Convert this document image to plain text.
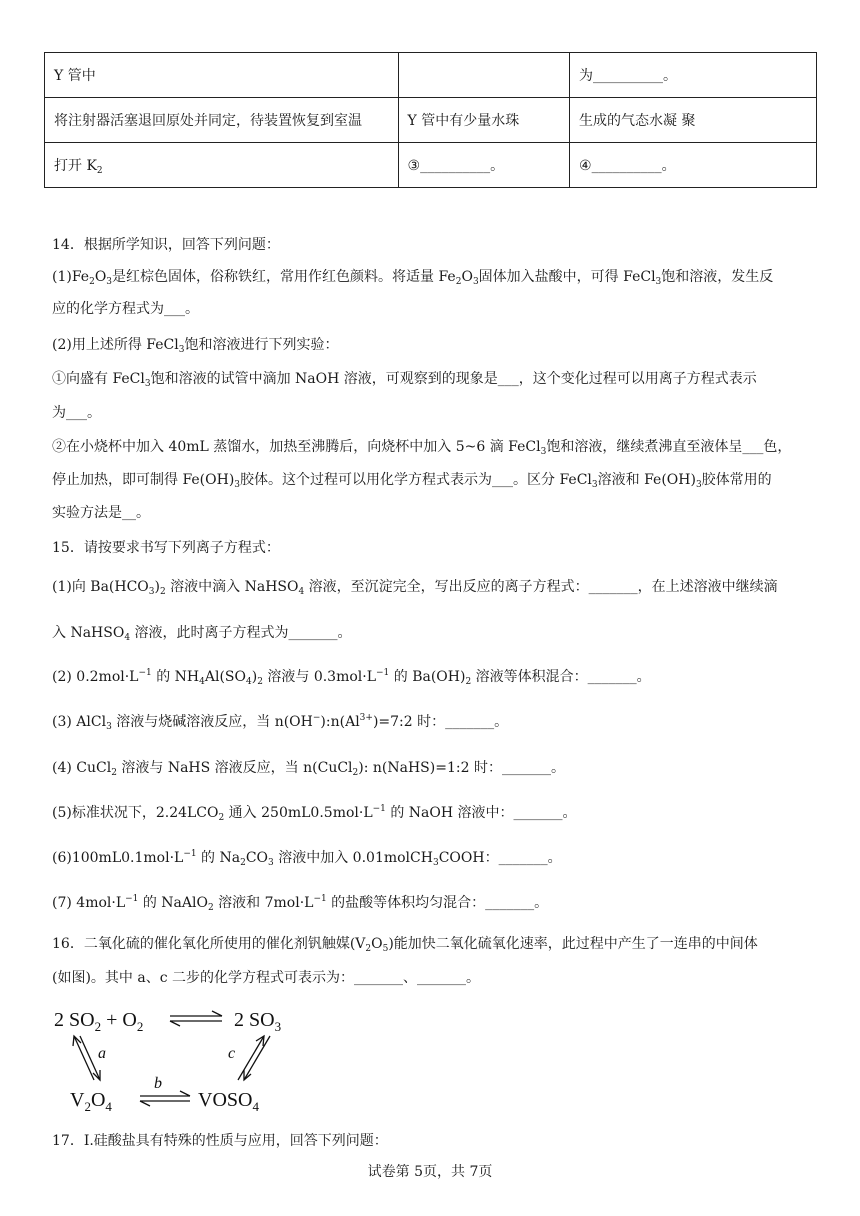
Y 管中		为__________。
将注射器活塞退回原处并同定，待装置恢复到室温	Y 管中有少量水珠	生成的气态水凝 聚
打开 $K_2$	③__________。	④__________。
14．根据所学知识，回答下列问题：
$(1)Fe_2O_3$是红棕色固体，俗称铁红，常用作红色颜料。将适量 $Fe_2O_3$固体加入盐酸中，可得 FeCl$_3$饱和溶液，发生反
应的化学方程式为___。
(2)用上述所得 FeCl$_3$饱和溶液进行下列实验：
①向盛有 FeCl$_3$饱和溶液的试管中滴加 NaOH 溶液，可观察到的现象是___，这个变化过程可以用离子方程式表示
为___。
②在小烧杯中加入 40mL 蒸馏水，加热至沸腾后，向烧杯中加入 5~6 滴 FeCl$_3$饱和溶液，继续煮沸直至液体呈___色，
停止加热，即可制得 $Fe(OH)_3$胶体。这个过程可以用化学方程式表示为___。区分 FeCl$_3$溶液和 $Fe(OH)_3$胶体常用的
实验方法是__。
15．请按要求书写下列离子方程式：
(1)向 $Ba(HCO_3)_2$ 溶液中滴入 NaHSO$_4$ 溶液，至沉淀完全，写出反应的离子方程式：_______，在上述溶液中继续滴
入 NaHSO$_4$ 溶液，此时离子方程式为_______。
(2) $0.2mol\cdot L^{-1}$ 的 $NH_4Al(SO_4)_2$ 溶液与 $0.3mol\cdot L^{-1}$ 的 $Ba(OH)_2$ 溶液等体积混合：_______。
(3) AlCl$_3$ 溶液与烧碱溶液反应，当 $n(OH^-):n(Al^{3+})=7:2$ 时：_______。
(4) CuCl$_2$ 溶液与 NaHS 溶液反应，当 n(CuCl$_2$): n(NaHS)=1:2 时：_______。
(5)标准状况下，$2.24LCO_2$ 通入 $250mL0.5mol\cdot L^{-1}$ 的 NaOH 溶液中：_______。
$(6)100mL0.1mol\cdot L^{-1}$ 的 $Na_2CO_3$ 溶液中加入 0.01molCH$_3$COOH：_______。
(7) $4mol\cdot L^{-1}$ 的 NaAlO$_2$ 溶液和 $7mol\cdot L^{-1}$ 的盐酸等体积均匀混合：_______。
16．二氧化硫的催化氧化所使用的催化剂钒触媒$(V_2O_5)$能加快二氧化硫氧化速率，此过程中产生了一连串的中间体
(如图)。其中 a、c 二步的化学方程式可表示为：_______、_______。
2 $SO_2 + O_2$	2 $SO_3$
$V_2O_4$	$VOSO_4$
a
b
c
17．I.硅酸盐具有特殊的性质与应用，回答下列问题：
试卷第 5页，共 7页
